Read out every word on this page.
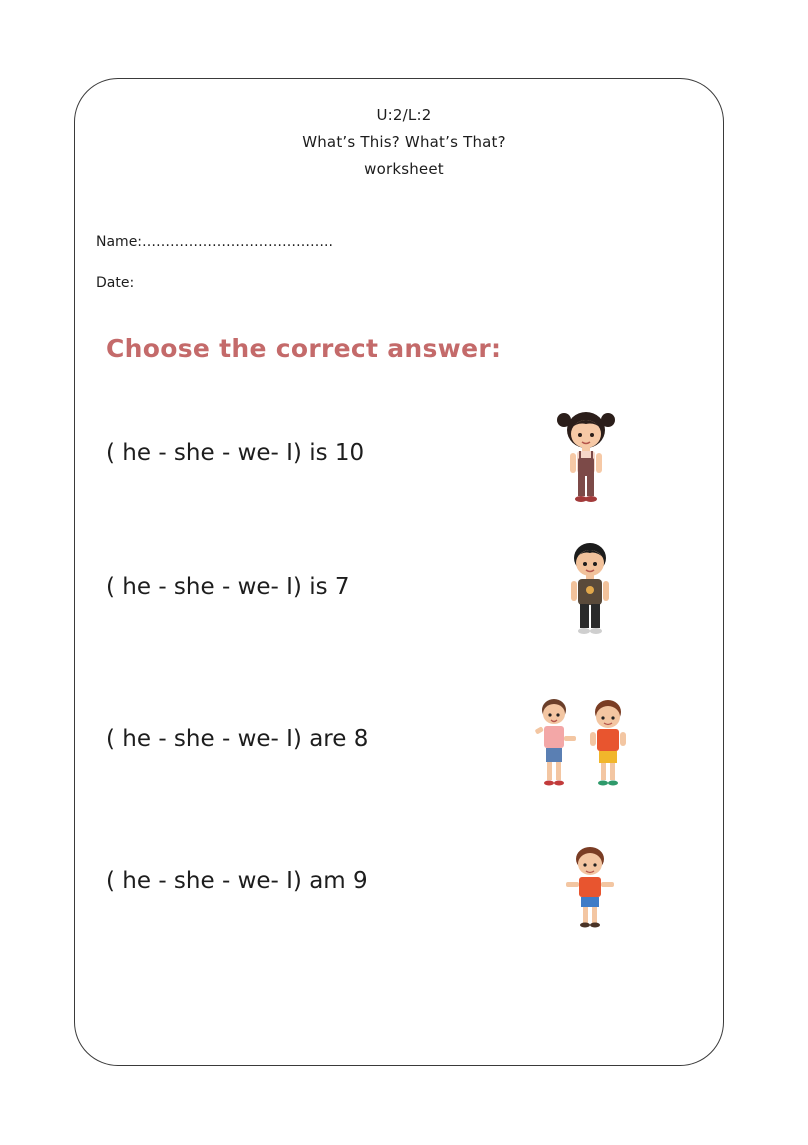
U:2/L:2
What’s This? What’s That?
worksheet
Name:…………………………………..
Date:
Choose the correct answer:
( he - she - we- I) is 10
( he - she - we- I) is 7
( he - she - we- I) are 8
( he - she - we- I) am 9
